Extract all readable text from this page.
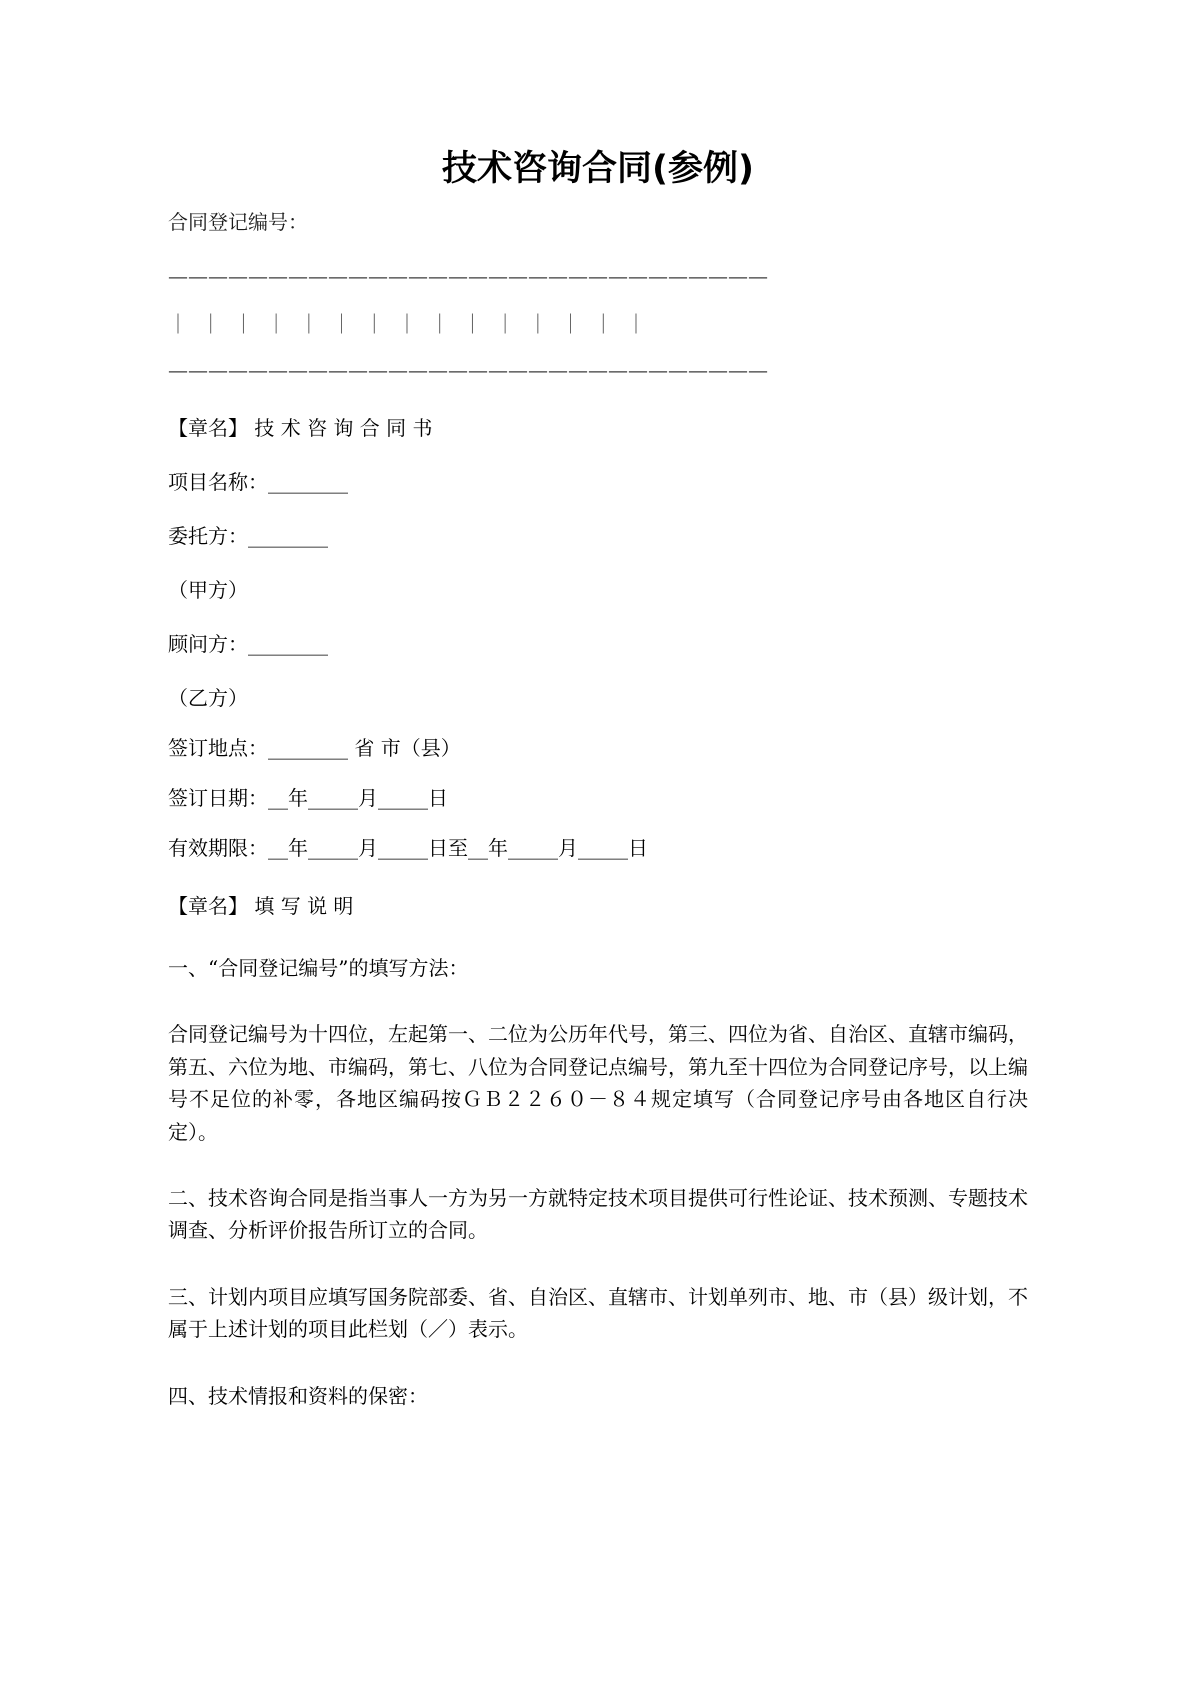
技术咨询合同(参例)
合同登记编号：
——————————————————————————————
｜  ｜  ｜  ｜  ｜  ｜  ｜  ｜  ｜  ｜  ｜  ｜  ｜  ｜  ｜
——————————————————————————————
【章名】 技 术 咨 询 合 同 书
项目名称：________
委托方：________
（甲方）
顾问方：________
（乙方）
签订地点：________ 省 市（县）
签订日期：__年_____月_____日
有效期限：__年_____月_____日至__年_____月_____日
【章名】 填 写 说 明
一、“合同登记编号”的填写方法：
合同登记编号为十四位，左起第一、二位为公历年代号，第三、四位为省、自治区、直辖市编码，第五、六位为地、市编码，第七、八位为合同登记点编号，第九至十四位为合同登记序号，以上编号不足位的补零，各地区编码按ＧＢ２２６０－８４规定填写（合同登记序号由各地区自行决定）。
二、技术咨询合同是指当事人一方为另一方就特定技术项目提供可行性论证、技术预测、专题技术调查、分析评价报告所订立的合同。
三、计划内项目应填写国务院部委、省、自治区、直辖市、计划单列市、地、市（县）级计划，不属于上述计划的项目此栏划（／）表示。
四、技术情报和资料的保密：
